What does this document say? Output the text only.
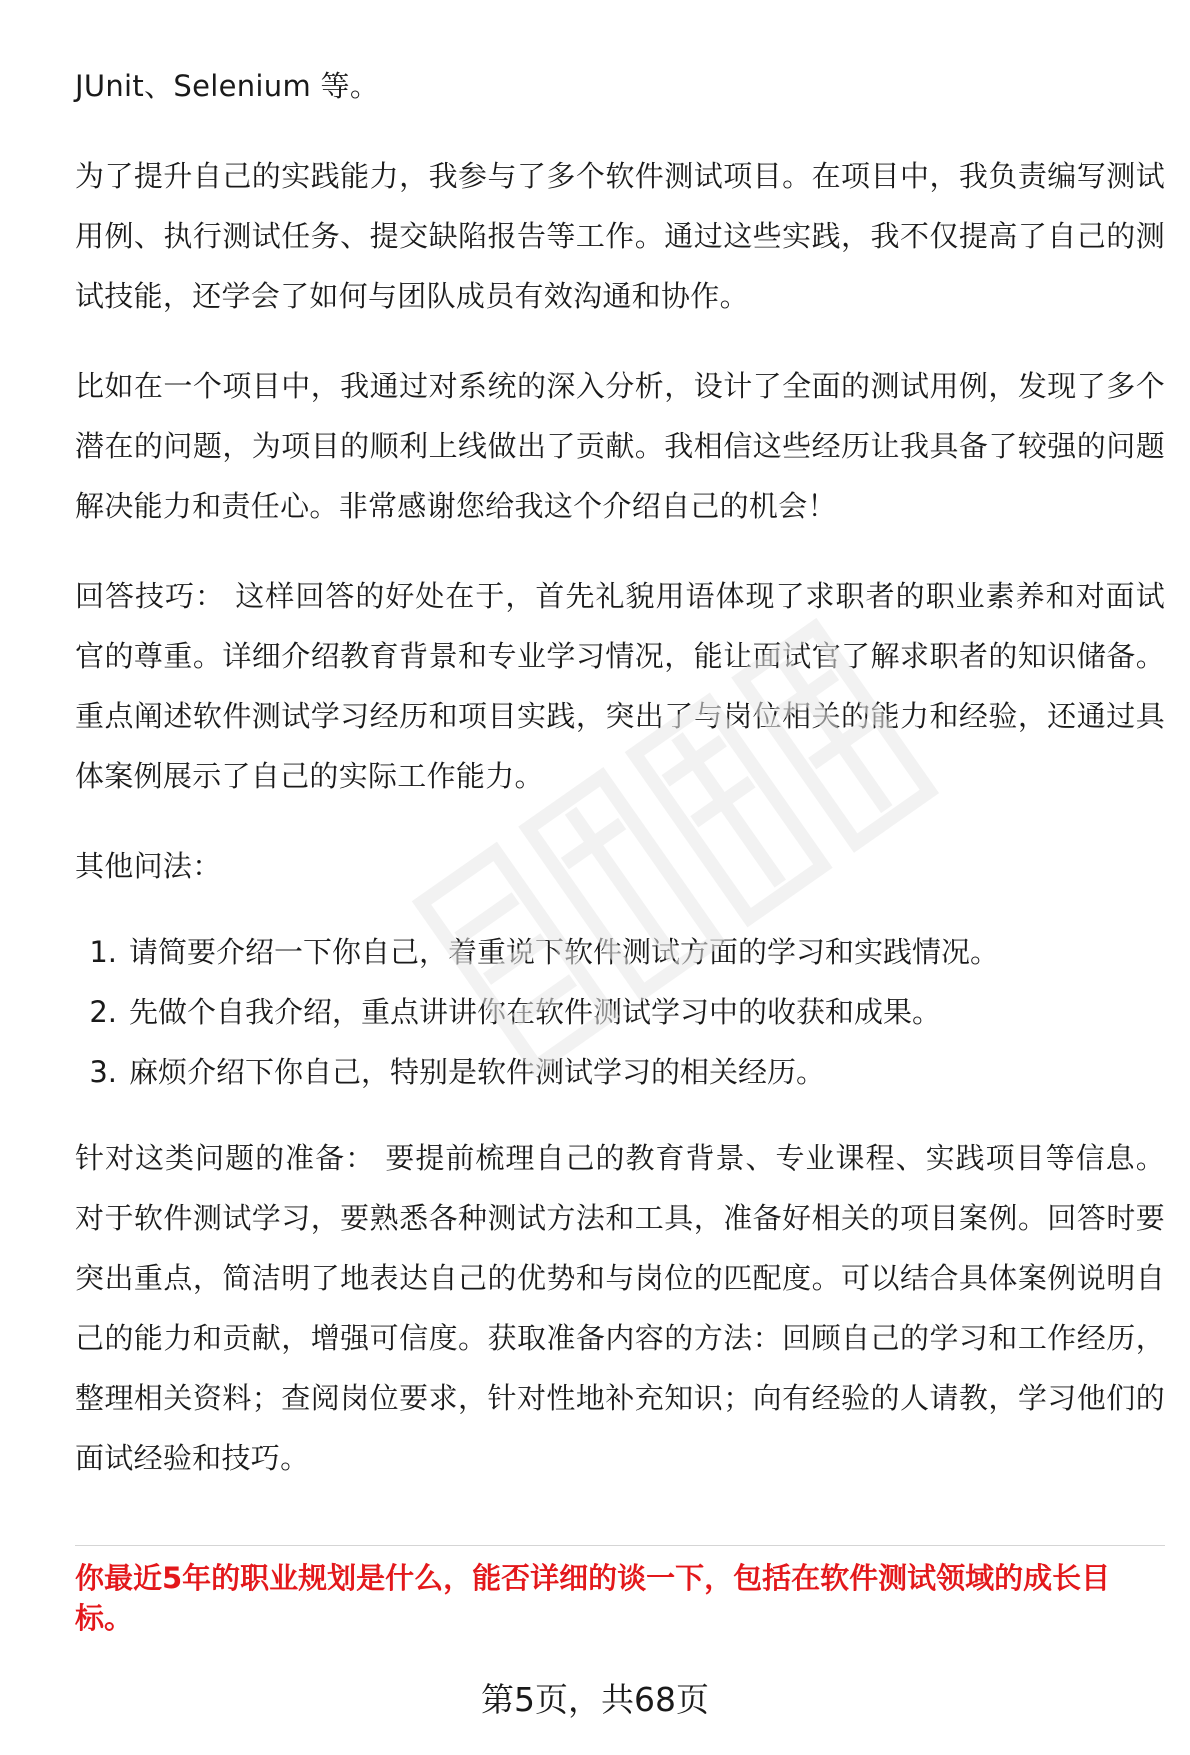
JUnit、Selenium 等。

为了提升自己的实践能力，我参与了多个软件测试项目。在项目中，我负责编写测试用例、执行测试任务、提交缺陷报告等工作。通过这些实践，我不仅提高了自己的测试技能，还学会了如何与团队成员有效沟通和协作。

比如在一个项目中，我通过对系统的深入分析，设计了全面的测试用例，发现了多个潜在的问题，为项目的顺利上线做出了贡献。我相信这些经历让我具备了较强的问题解决能力和责任心。非常感谢您给我这个介绍自己的机会！

回答技巧： 这样回答的好处在于，首先礼貌用语体现了求职者的职业素养和对面试官的尊重。详细介绍教育背景和专业学习情况，能让面试官了解求职者的知识储备。重点阐述软件测试学习经历和项目实践，突出了与岗位相关的能力和经验，还通过具体案例展示了自己的实际工作能力。

其他问法：

1. 请简要介绍一下你自己，着重说下软件测试方面的学习和实践情况。
2. 先做个自我介绍，重点讲讲你在软件测试学习中的收获和成果。
3. 麻烦介绍下你自己，特别是软件测试学习的相关经历。

针对这类问题的准备： 要提前梳理自己的教育背景、专业课程、实践项目等信息。对于软件测试学习，要熟悉各种测试方法和工具，准备好相关的项目案例。回答时要突出重点，简洁明了地表达自己的优势和与岗位的匹配度。可以结合具体案例说明自己的能力和贡献，增强可信度。获取准备内容的方法：回顾自己的学习和工作经历，整理相关资料；查阅岗位要求，针对性地补充知识；向有经验的人请教，学习他们的面试经验和技巧。

你最近5年的职业规划是什么，能否详细的谈一下，包括在软件测试领域的成长目标。
第5页，共68页
